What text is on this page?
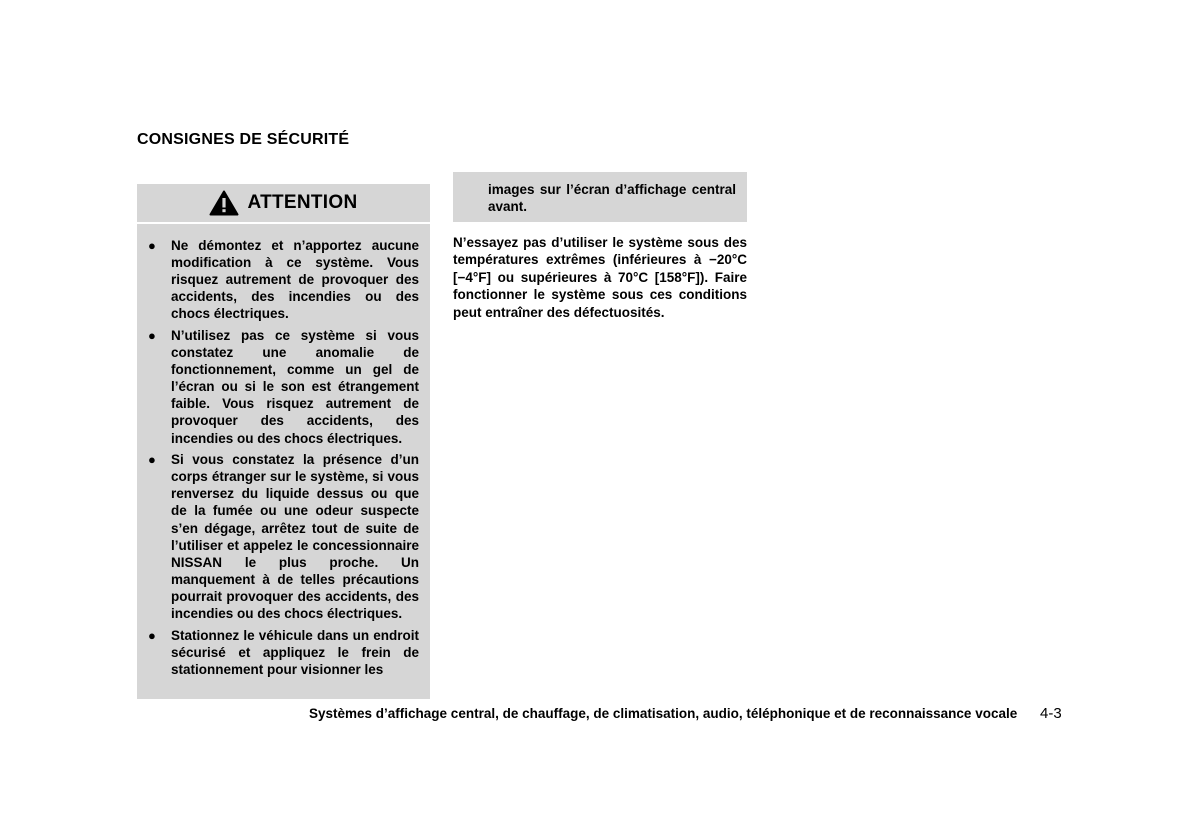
CONSIGNES DE SÉCURITÉ
ATTENTION
● Ne démontez et n’apportez aucune modification à ce système. Vous risquez autrement de provoquer des accidents, des incendies ou des chocs électriques.
● N’utilisez pas ce système si vous constatez une anomalie de fonctionnement, comme un gel de l’écran ou si le son est étrangement faible. Vous risquez autrement de provoquer des accidents, des incendies ou des chocs électriques.
● Si vous constatez la présence d’un corps étranger sur le système, si vous renversez du liquide dessus ou que de la fumée ou une odeur suspecte s’en dégage, arrêtez tout de suite de l’utiliser et appelez le concessionnaire NISSAN le plus proche. Un manquement à de telles précautions pourrait provoquer des accidents, des incendies ou des chocs électriques.
● Stationnez le véhicule dans un endroit sécurisé et appliquez le frein de stationnement pour visionner les
images sur l’écran d’affichage central avant.

N’essayez pas d’utiliser le système sous des températures extrêmes (inférieures à −20°C [−4°F] ou supérieures à 70°C [158°F]). Faire fonctionner le système sous ces conditions peut entraîner des défectuosités.

Systèmes d’affichage central, de chauffage, de climatisation, audio, téléphonique et de reconnaissance vocale 4-3
